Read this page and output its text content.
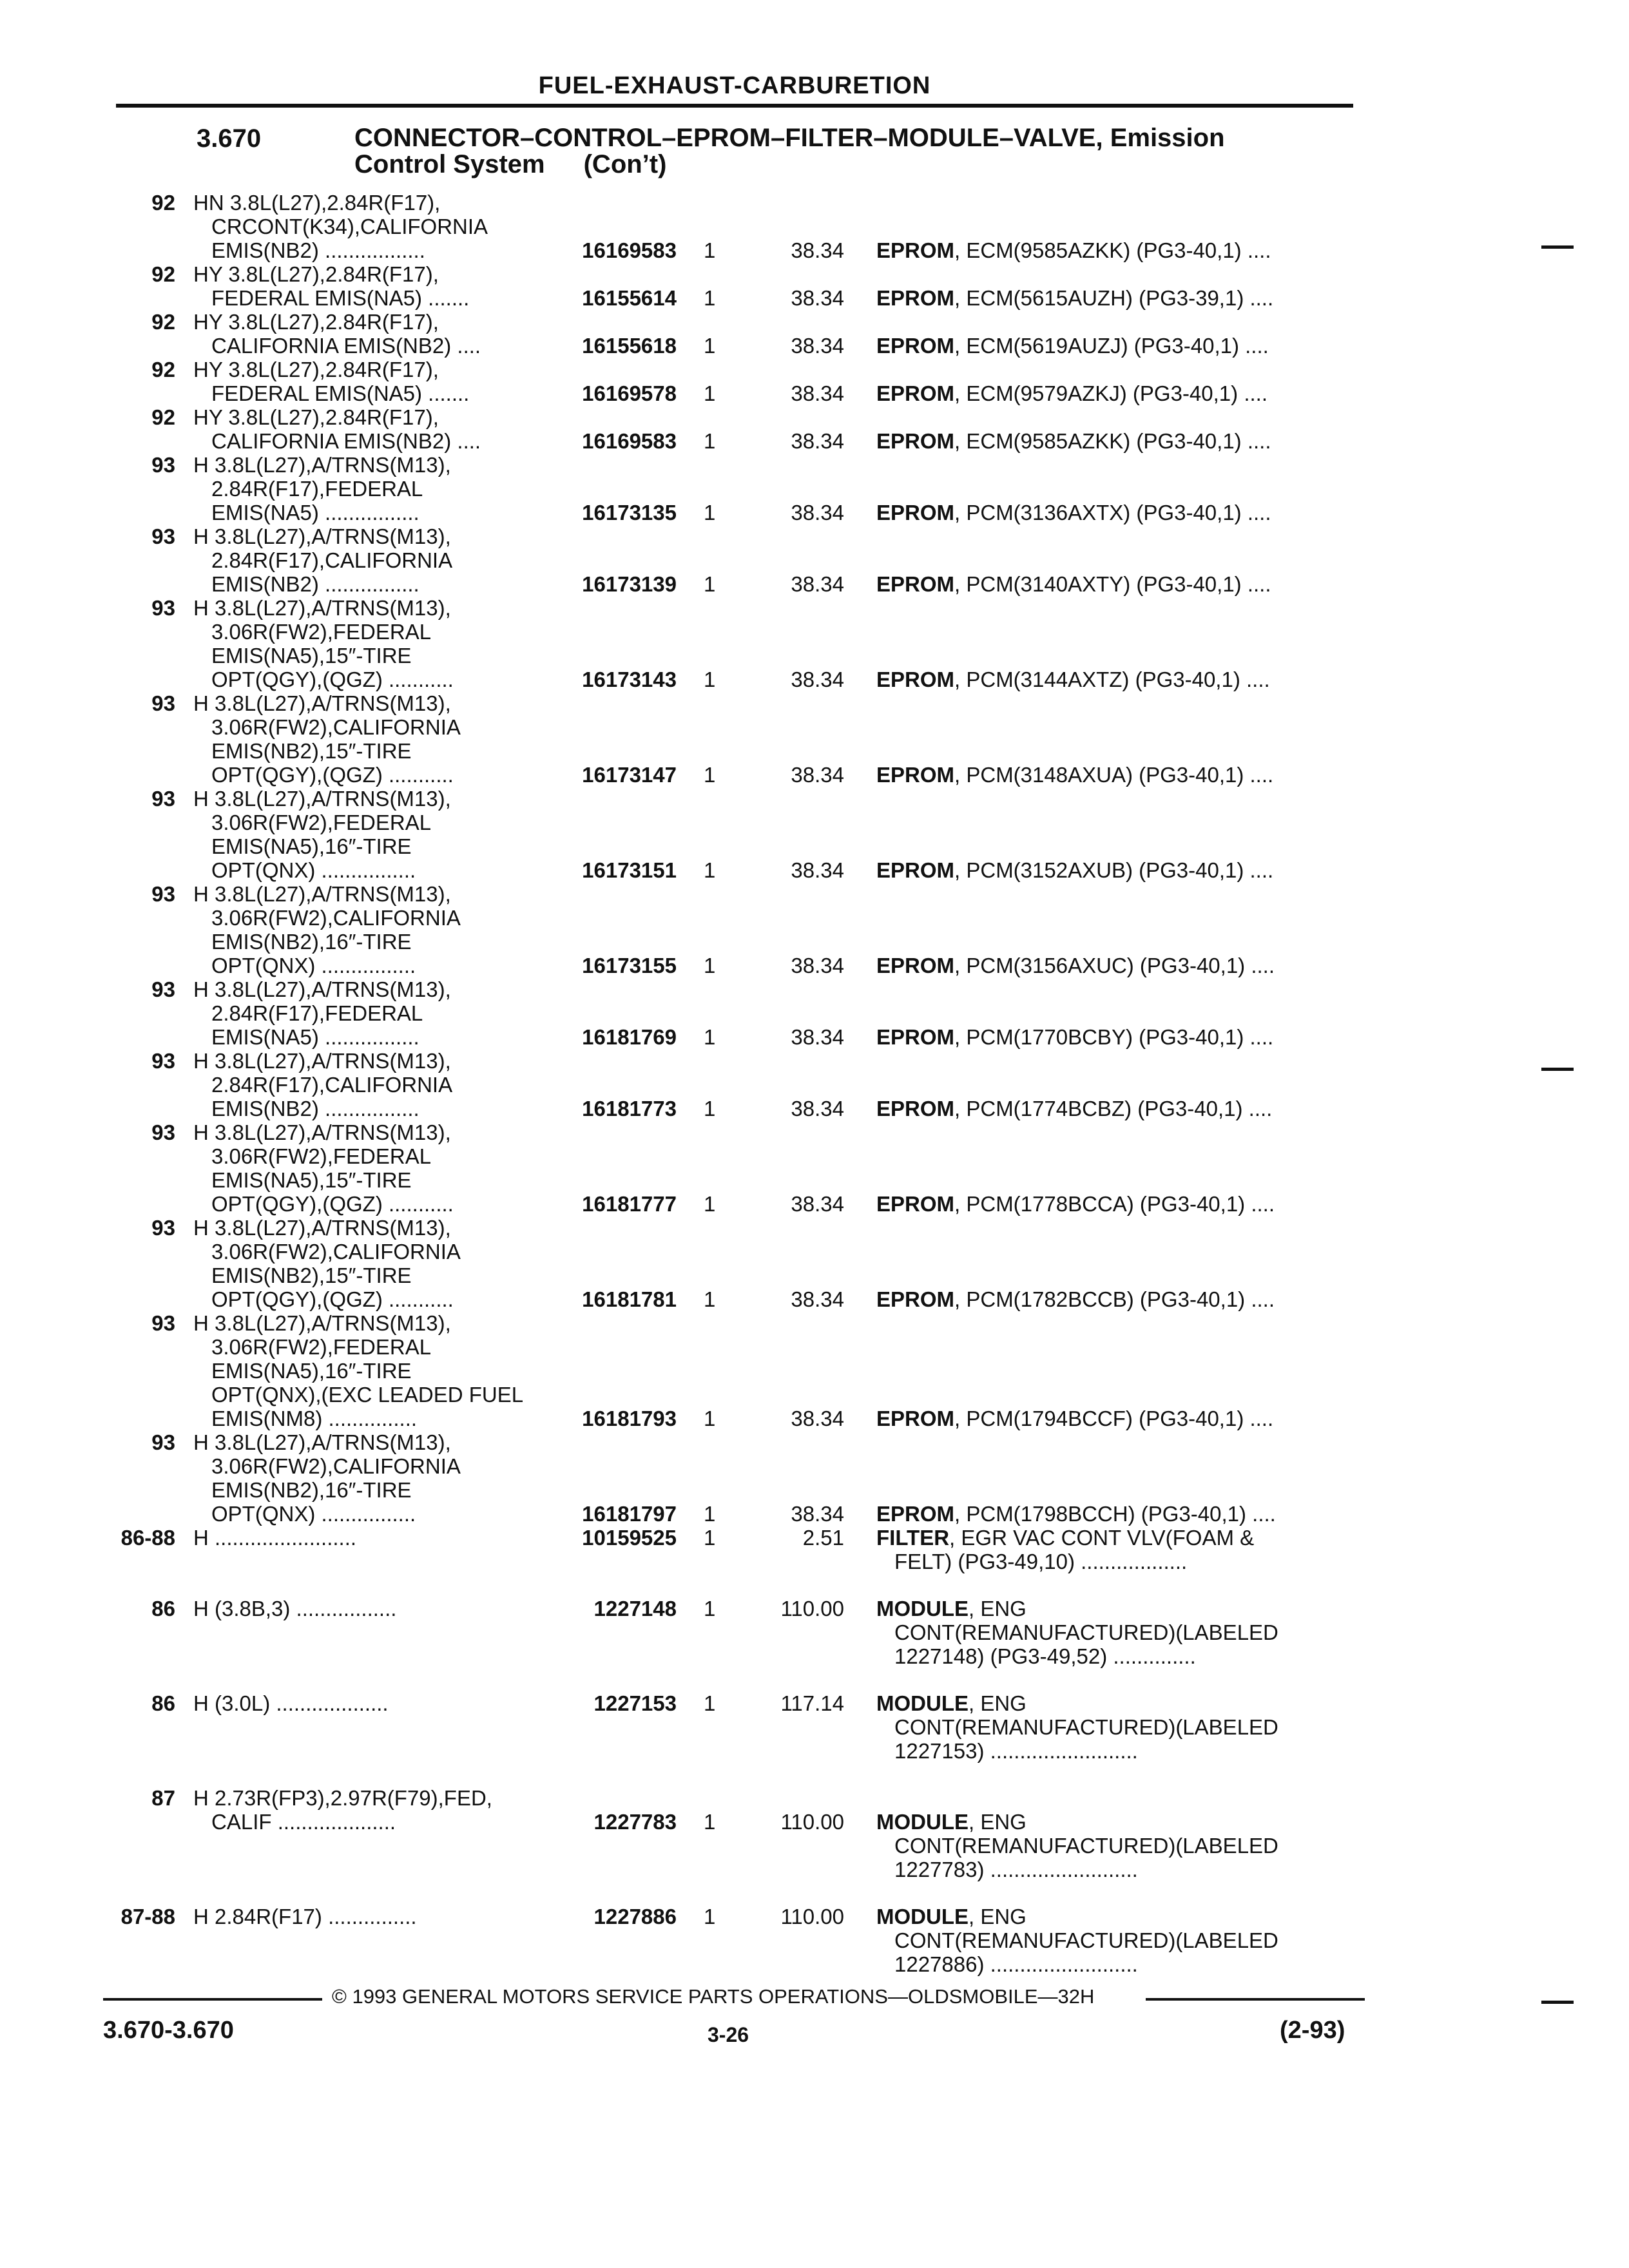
FUEL-EXHAUST-CARBURETION
3.670	CONNECTOR–CONTROL–EPROM–FILTER–MODULE–VALVE, Emission
Control System (Con’t)
92 HN 3.8L(L27),2.84R(F17),
CRCONT(K34),CALIFORNIA
EMIS(NB2) .................	16169583 1	38.34 EPROM, ECM(9585AZKK) (PG3-40,1) ....
92 HY 3.8L(L27),2.84R(F17),
FEDERAL EMIS(NA5) .......	16155614 1	38.34 EPROM, ECM(5615AUZH) (PG3-39,1) ....
92 HY 3.8L(L27),2.84R(F17),
CALIFORNIA EMIS(NB2) ....	16155618 1	38.34 EPROM, ECM(5619AUZJ) (PG3-40,1) ....
92 HY 3.8L(L27),2.84R(F17),
FEDERAL EMIS(NA5) .......	16169578 1	38.34 EPROM, ECM(9579AZKJ) (PG3-40,1) ....
92 HY 3.8L(L27),2.84R(F17),
CALIFORNIA EMIS(NB2) ....	16169583 1	38.34 EPROM, ECM(9585AZKK) (PG3-40,1) ....
93 H 3.8L(L27),A/TRNS(M13),
2.84R(F17),FEDERAL
EMIS(NA5) ................	16173135 1	38.34 EPROM, PCM(3136AXTX) (PG3-40,1) ....
93 H 3.8L(L27),A/TRNS(M13),
2.84R(F17),CALIFORNIA
EMIS(NB2) ................	16173139 1	38.34 EPROM, PCM(3140AXTY) (PG3-40,1) ....
93 H 3.8L(L27),A/TRNS(M13),
3.06R(FW2),FEDERAL
EMIS(NA5),15″-TIRE
OPT(QGY),(QGZ) ...........	16173143 1	38.34 EPROM, PCM(3144AXTZ) (PG3-40,1) ....
93 H 3.8L(L27),A/TRNS(M13),
3.06R(FW2),CALIFORNIA
EMIS(NB2),15″-TIRE
OPT(QGY),(QGZ) ...........	16173147 1	38.34 EPROM, PCM(3148AXUA) (PG3-40,1) ....
93 H 3.8L(L27),A/TRNS(M13),
3.06R(FW2),FEDERAL
EMIS(NA5),16″-TIRE
OPT(QNX) ................	16173151 1	38.34 EPROM, PCM(3152AXUB) (PG3-40,1) ....
93 H 3.8L(L27),A/TRNS(M13),
3.06R(FW2),CALIFORNIA
EMIS(NB2),16″-TIRE
OPT(QNX) ................	16173155 1	38.34 EPROM, PCM(3156AXUC) (PG3-40,1) ....
93 H 3.8L(L27),A/TRNS(M13),
2.84R(F17),FEDERAL
EMIS(NA5) ................	16181769 1	38.34 EPROM, PCM(1770BCBY) (PG3-40,1) ....
93 H 3.8L(L27),A/TRNS(M13),
2.84R(F17),CALIFORNIA
EMIS(NB2) ................	16181773 1	38.34 EPROM, PCM(1774BCBZ) (PG3-40,1) ....
93 H 3.8L(L27),A/TRNS(M13),
3.06R(FW2),FEDERAL
EMIS(NA5),15″-TIRE
OPT(QGY),(QGZ) ...........	16181777 1	38.34 EPROM, PCM(1778BCCA) (PG3-40,1) ....
93 H 3.8L(L27),A/TRNS(M13),
3.06R(FW2),CALIFORNIA
EMIS(NB2),15″-TIRE
OPT(QGY),(QGZ) ...........	16181781 1	38.34 EPROM, PCM(1782BCCB) (PG3-40,1) ....
93 H 3.8L(L27),A/TRNS(M13),
3.06R(FW2),FEDERAL
EMIS(NA5),16″-TIRE
OPT(QNX),(EXC LEADED FUEL
EMIS(NM8) ...............	16181793 1	38.34 EPROM, PCM(1794BCCF) (PG3-40,1) ....
93 H 3.8L(L27),A/TRNS(M13),
3.06R(FW2),CALIFORNIA
EMIS(NB2),16″-TIRE
OPT(QNX) ................	16181797 1	38.34 EPROM, PCM(1798BCCH) (PG3-40,1) ....
86-88 H ........................	10159525 1	2.51 FILTER, EGR VAC CONT VLV(FOAM &
FELT) (PG3-49,10) ..................
86 H (3.8B,3) .................	1227148 1	110.00 MODULE, ENG
CONT(REMANUFACTURED)(LABELED
1227148) (PG3-49,52) ..............
86 H (3.0L) ...................	1227153 1	117.14 MODULE, ENG
CONT(REMANUFACTURED)(LABELED
1227153) .........................
87 H 2.73R(FP3),2.97R(F79),FED,
CALIF ....................	1227783 1	110.00 MODULE, ENG
CONT(REMANUFACTURED)(LABELED
1227783) .........................
87-88 H 2.84R(F17) ...............	1227886 1	110.00 MODULE, ENG
CONT(REMANUFACTURED)(LABELED
1227886) .........................
© 1993 GENERAL MOTORS SERVICE PARTS OPERATIONS—OLDSMOBILE—32H
3.670-3.670	3-26	(2-93)
